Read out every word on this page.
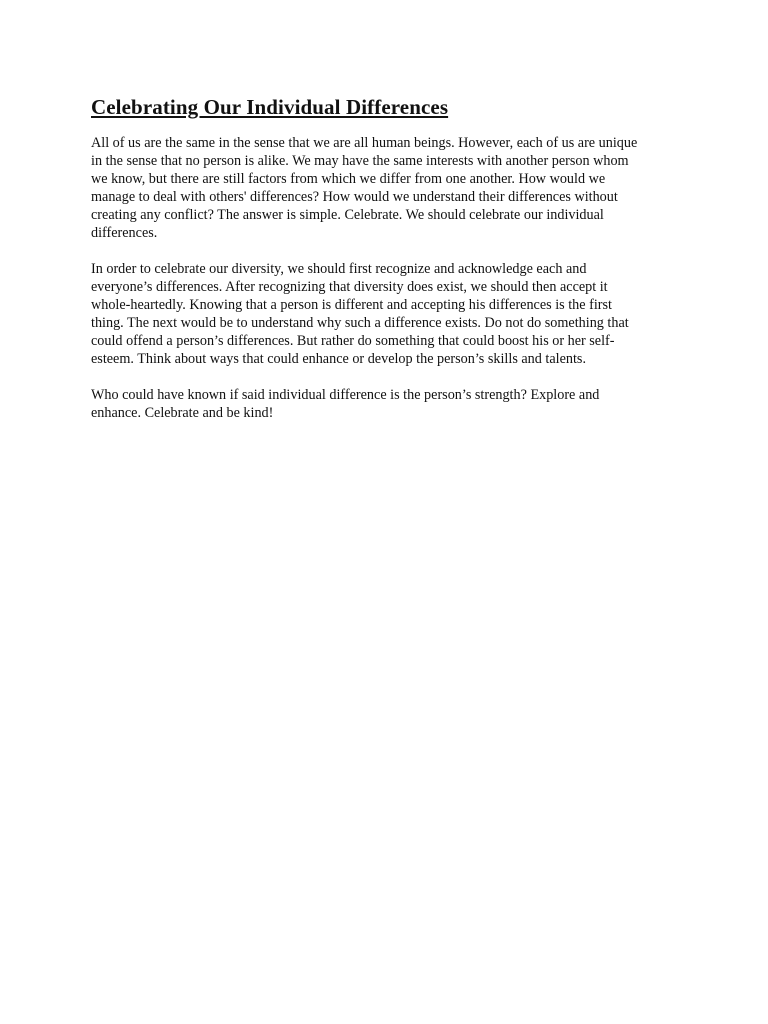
Celebrating Our Individual Differences

All of us are the same in the sense that we are all human beings. However, each of us are unique
in the sense that no person is alike. We may have the same interests with another person whom
we know, but there are still factors from which we differ from one another. How would we
manage to deal with others' differences? How would we understand their differences without
creating any conflict? The answer is simple. Celebrate. We should celebrate our individual
differences.

In order to celebrate our diversity, we should first recognize and acknowledge each and
everyone’s differences. After recognizing that diversity does exist, we should then accept it
whole-heartedly. Knowing that a person is different and accepting his differences is the first
thing. The next would be to understand why such a difference exists. Do not do something that
could offend a person’s differences. But rather do something that could boost his or her self-
esteem. Think about ways that could enhance or develop the person’s skills and talents.

Who could have known if said individual difference is the person’s strength? Explore and
enhance. Celebrate and be kind!
